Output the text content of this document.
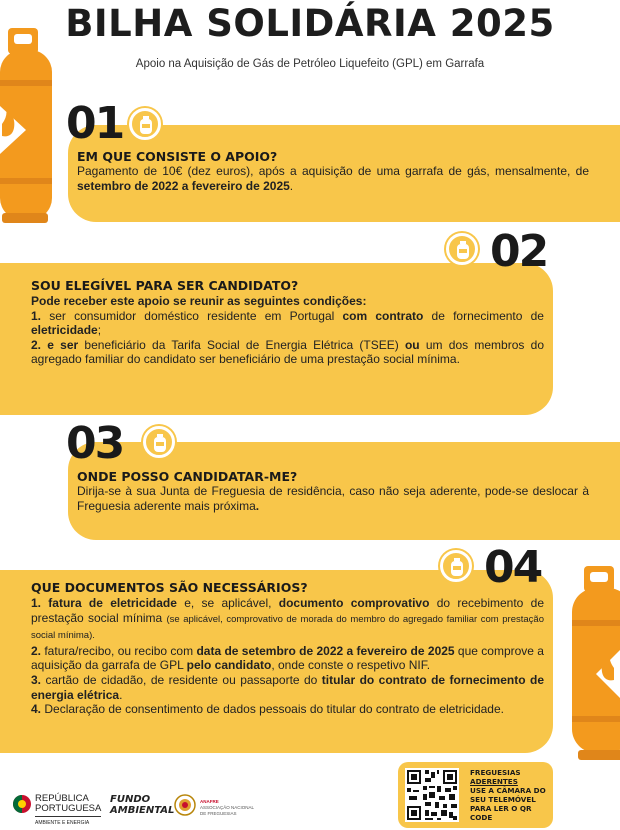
BILHA SOLIDÁRIA 2025
Apoio na Aquisição de Gás de Petróleo Liquefeito (GPL) em Garrafa
01
EM QUE CONSISTE O APOIO?
Pagamento de 10€ (dez euros), após a aquisição de uma garrafa de gás, mensalmente, de setembro de 2022 a fevereiro de 2025.
02
SOU ELEGÍVEL PARA SER CANDIDATO?
Pode receber este apoio se reunir as seguintes condições:
1. ser consumidor doméstico residente em Portugal com contrato de fornecimento de eletricidade;
2. e ser beneficiário da Tarifa Social de Energia Elétrica (TSEE) ou um dos membros do agregado familiar do candidato ser beneficiário de uma prestação social mínima.
03
ONDE POSSO CANDIDATAR-ME?
Dirija-se à sua Junta de Freguesia de residência, caso não seja aderente, pode-se deslocar à Freguesia aderente mais próxima.
04
QUE DOCUMENTOS SÃO NECESSÁRIOS?
1. fatura de eletricidade e, se aplicável, documento comprovativo do recebimento de prestação social mínima (se aplicável, comprovativo de morada do membro do agregado familiar com prestação social mínima).
2. fatura/recibo, ou recibo com data de setembro de 2022 a fevereiro de 2025 que comprove a aquisição da garrafa de GPL pelo candidato, onde conste o respetivo NIF.
3. cartão de cidadão, de residente ou passaporte do titular do contrato de fornecimento de energia elétrica.
4. Declaração de consentimento de dados pessoais do titular do contrato de eletricidade.
FREGUESIAS
ADERENTES
USE A CÂMARA DO SEU TELEMÓVEL PARA LER O QR CODE
REPÚBLICA
PORTUGUESA
AMBIENTE E ENERGIA
FUNDO
AMBIENTAL
ANAFRE
ASSOCIAÇÃO NACIONAL
DE FREGUESIAS
